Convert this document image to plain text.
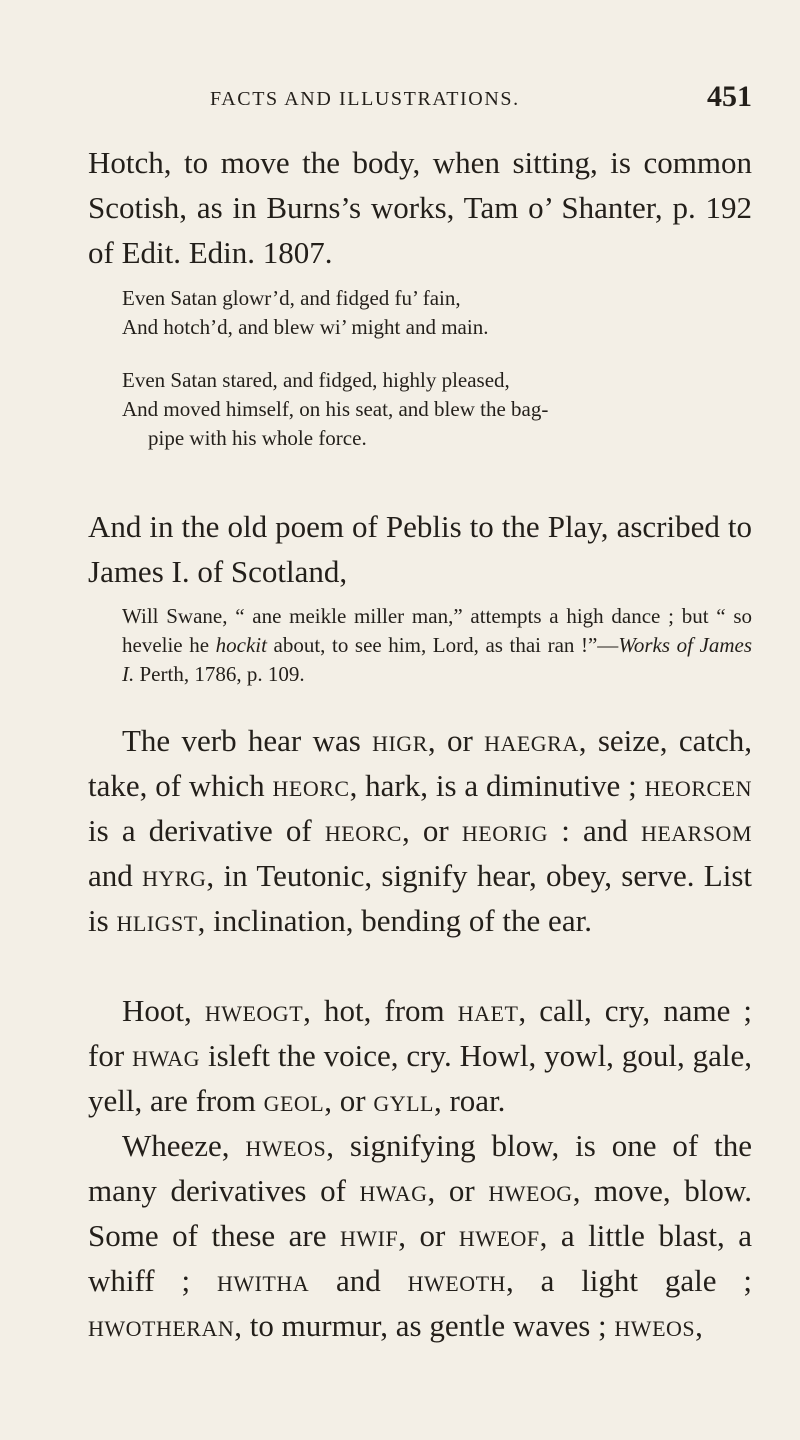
FACTS AND ILLUSTRATIONS.	451

Hotch, to move the body, when sitting, is common Scotish, as in Burns’s works, Tam o’ Shanter, p. 192 of Edit. Edin. 1807.

Even Satan glowr’d, and fidged fu’ fain,
And hotch’d, and blew wi’ might and main.
Even Satan stared, and fidged, highly pleased,
And moved himself, on his seat, and blew the bag-
pipe with his whole force.

And in the old poem of Peblis to the Play, ascribed to James I. of Scotland,

Will Swane, “ ane meikle miller man,” attempts a high dance ; but “ so hevelie he hockit about, to see him, Lord, as thai ran !”—Works of James I. Perth, 1786, p. 109.

The verb hear was higr, or haegra, seize, catch, take, of which heorc, hark, is a diminutive ; heorcen is a derivative of heorc, or heorig : and hearsom and hyrg, in Teutonic, signify hear, obey, serve. List is hligst, inclination, bending of the ear.

Hoot, hweogt, hot, from haet, call, cry, name ; for hwag isleft the voice, cry. Howl, yowl, goul, gale, yell, are from geol, or gyll, roar.

Wheeze, hweos, signifying blow, is one of the many derivatives of hwag, or hweog, move, blow. Some of these are hwif, or hweof, a little blast, a whiff ; hwitha and hweoth, a light gale ; hwotheran, to murmur, as gentle waves ; hweos,
